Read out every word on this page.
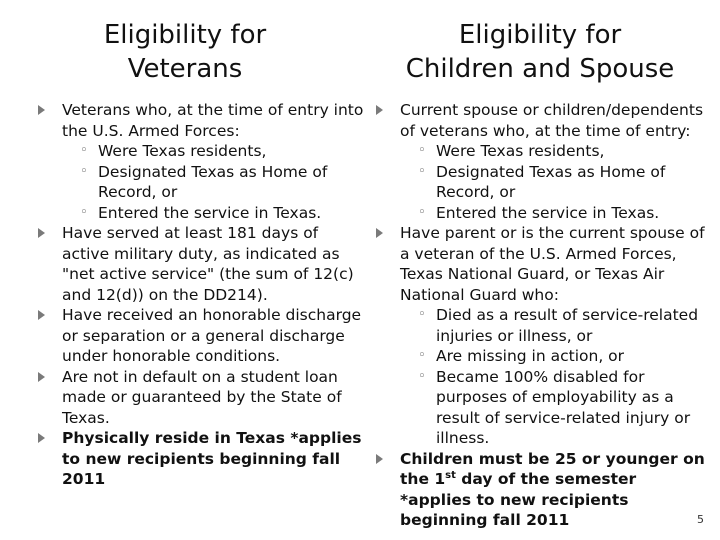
Eligibility for
Veterans
Eligibility for
Children and Spouse
Veterans who, at the time of entry into the U.S. Armed Forces:
◦ Were Texas residents,
◦ Designated Texas as Home of Record, or
◦ Entered the service in Texas.
Have served at least 181 days of active military duty, as indicated as "net active service" (the sum of 12(c) and 12(d)) on the DD214).
Have received an honorable discharge or separation or a general discharge under honorable conditions.
Are not in default on a student loan made or guaranteed by the State of Texas.
Physically reside in Texas *applies to new recipients beginning fall 2011
Current spouse or children/dependents of veterans who, at the time of entry:
◦ Were Texas residents,
◦ Designated Texas as Home of Record, or
◦ Entered the service in Texas.
Have parent or is the current spouse of a veteran of the U.S. Armed Forces, Texas National Guard, or Texas Air National Guard who:
◦ Died as a result of service-related injuries or illness, or
◦ Are missing in action, or
◦ Became 100% disabled for purposes of employability as a result of service-related injury or illness.
Children must be 25 or younger on the 1st day of the semester *applies to new recipients beginning fall 2011	5
